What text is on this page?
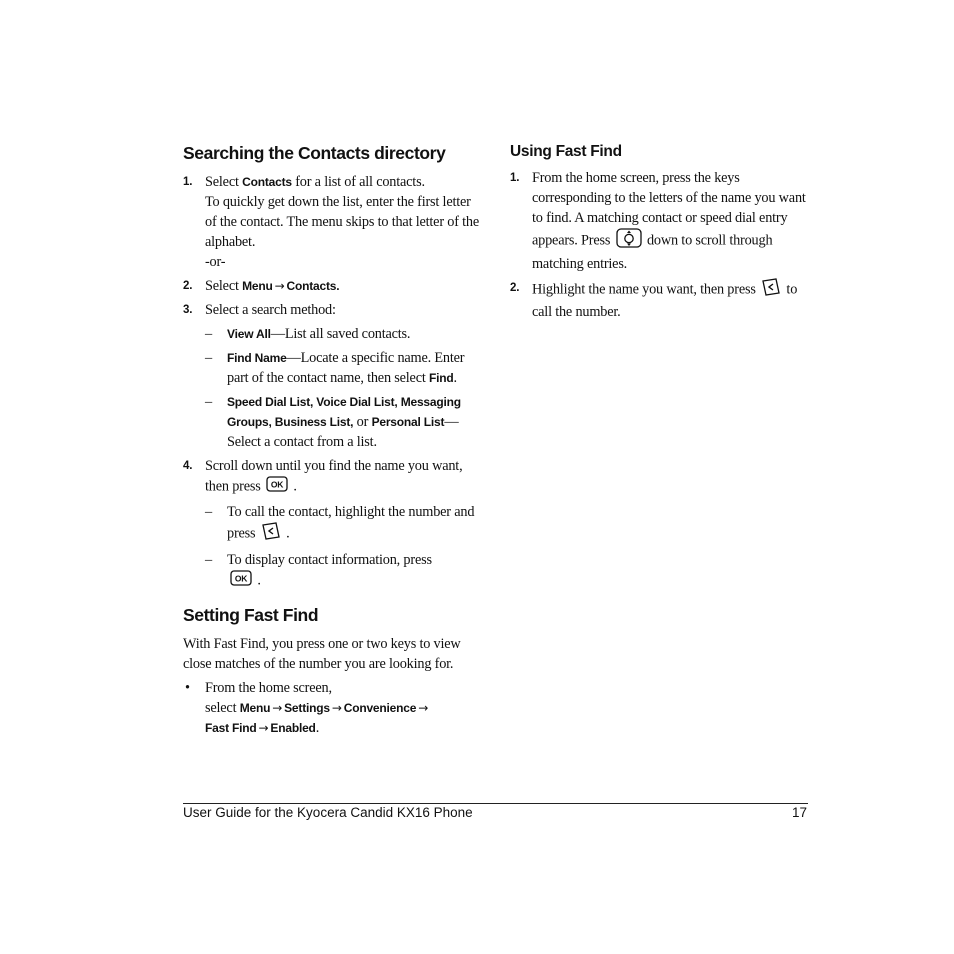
Searching the Contacts directory
1. Select Contacts for a list of all contacts.
To quickly get down the list, enter the first letter of the contact. The menu skips to that letter of the alphabet.
-or-
2. Select Menu → Contacts.
3. Select a search method:
– View All—List all saved contacts.
– Find Name—Locate a specific name. Enter part of the contact name, then select Find.
– Speed Dial List, Voice Dial List, Messaging Groups, Business List, or Personal List—Select a contact from a list.
4. Scroll down until you find the name you want, then press OK .
– To call the contact, highlight the number and press  .
– To display contact information, press
OK .
Setting Fast Find
With Fast Find, you press one or two keys to view close matches of the number you are looking for.
• From the home screen,
select Menu → Settings → Convenience →
Fast Find → Enabled.
Using Fast Find
1. From the home screen, press the keys corresponding to the letters of the name you want to find. A matching contact or speed dial entry appears. Press  down to scroll through matching entries.
2. Highlight the name you want, then press  to call the number.
User Guide for the Kyocera Candid KX16 Phone	17
